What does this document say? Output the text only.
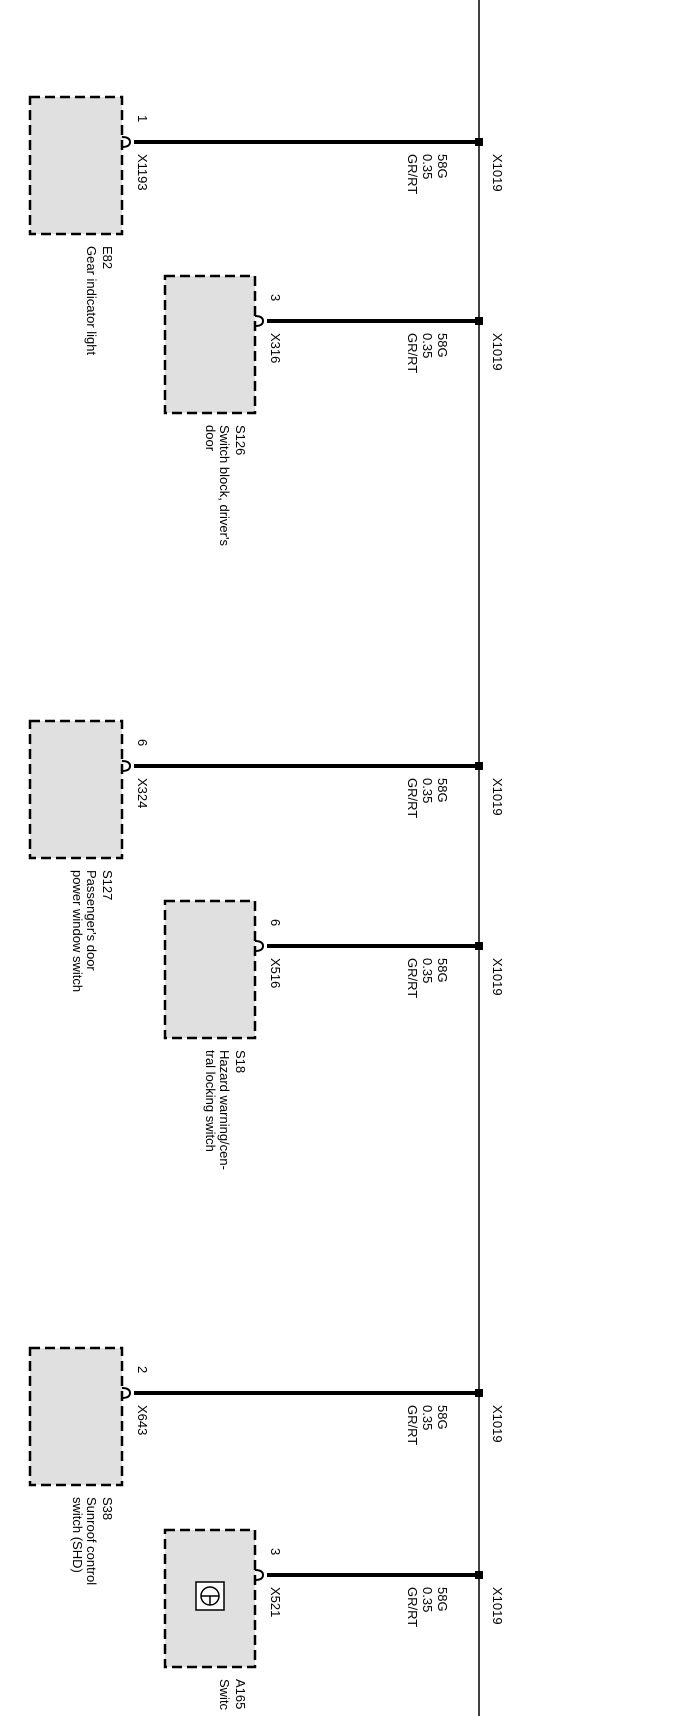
1
X1193	58G
0.35
GR/RT	X1019
E82
Gear indicator light	3
X316	58G
0.35
GR/RT	X1019
S126
Switch block, driver's
door
6
X324	58G
0.35
GR/RT	X1019
S127
Passenger's door
power window switch	6
X516	58G
0.35
GR/RT	X1019
S18
Hazard warning/cen-
tral locking switch
2
X643	58G
0.35
GR/RT	X1019
S38
Sunroof control
switch (SHD)	3
X521	58G
0.35
GR/RT	X1019
A165
Switc
